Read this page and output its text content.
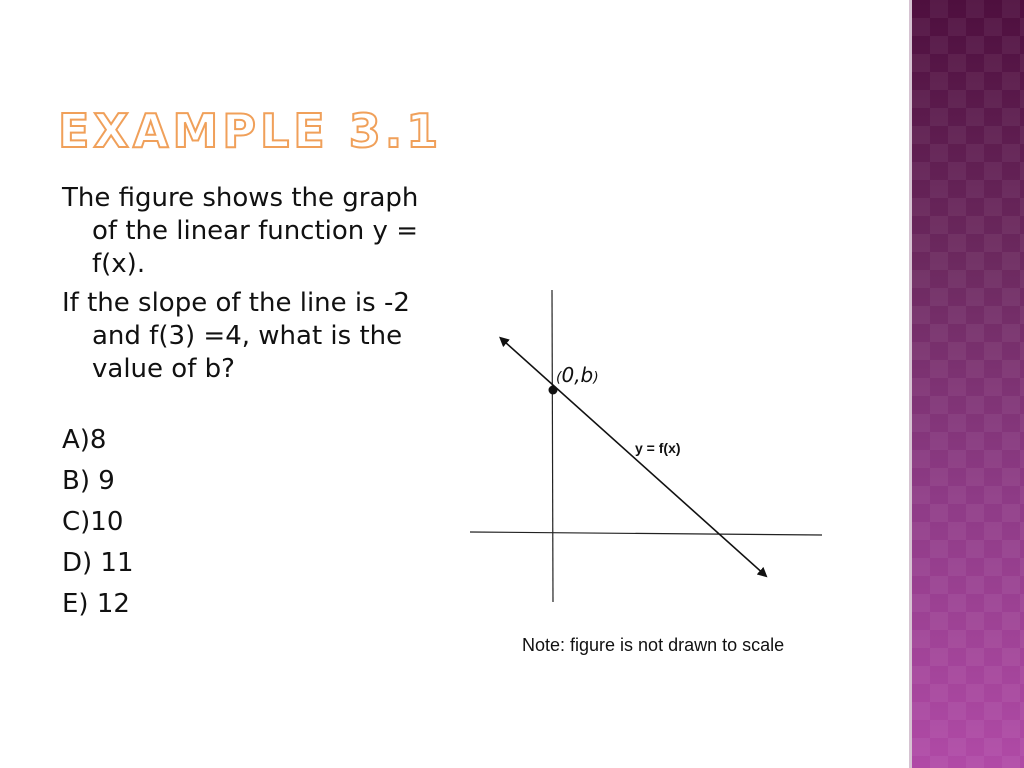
EXAMPLE 3.1

The figure shows the graph of the linear function y = f(x).

If the slope of the line is -2 and f(3) =4, what is the value of b?

A)8

B) 9

C)10

D) 11

E) 12

(0,b)
y = f(x)
Note: figure is not drawn to scale
